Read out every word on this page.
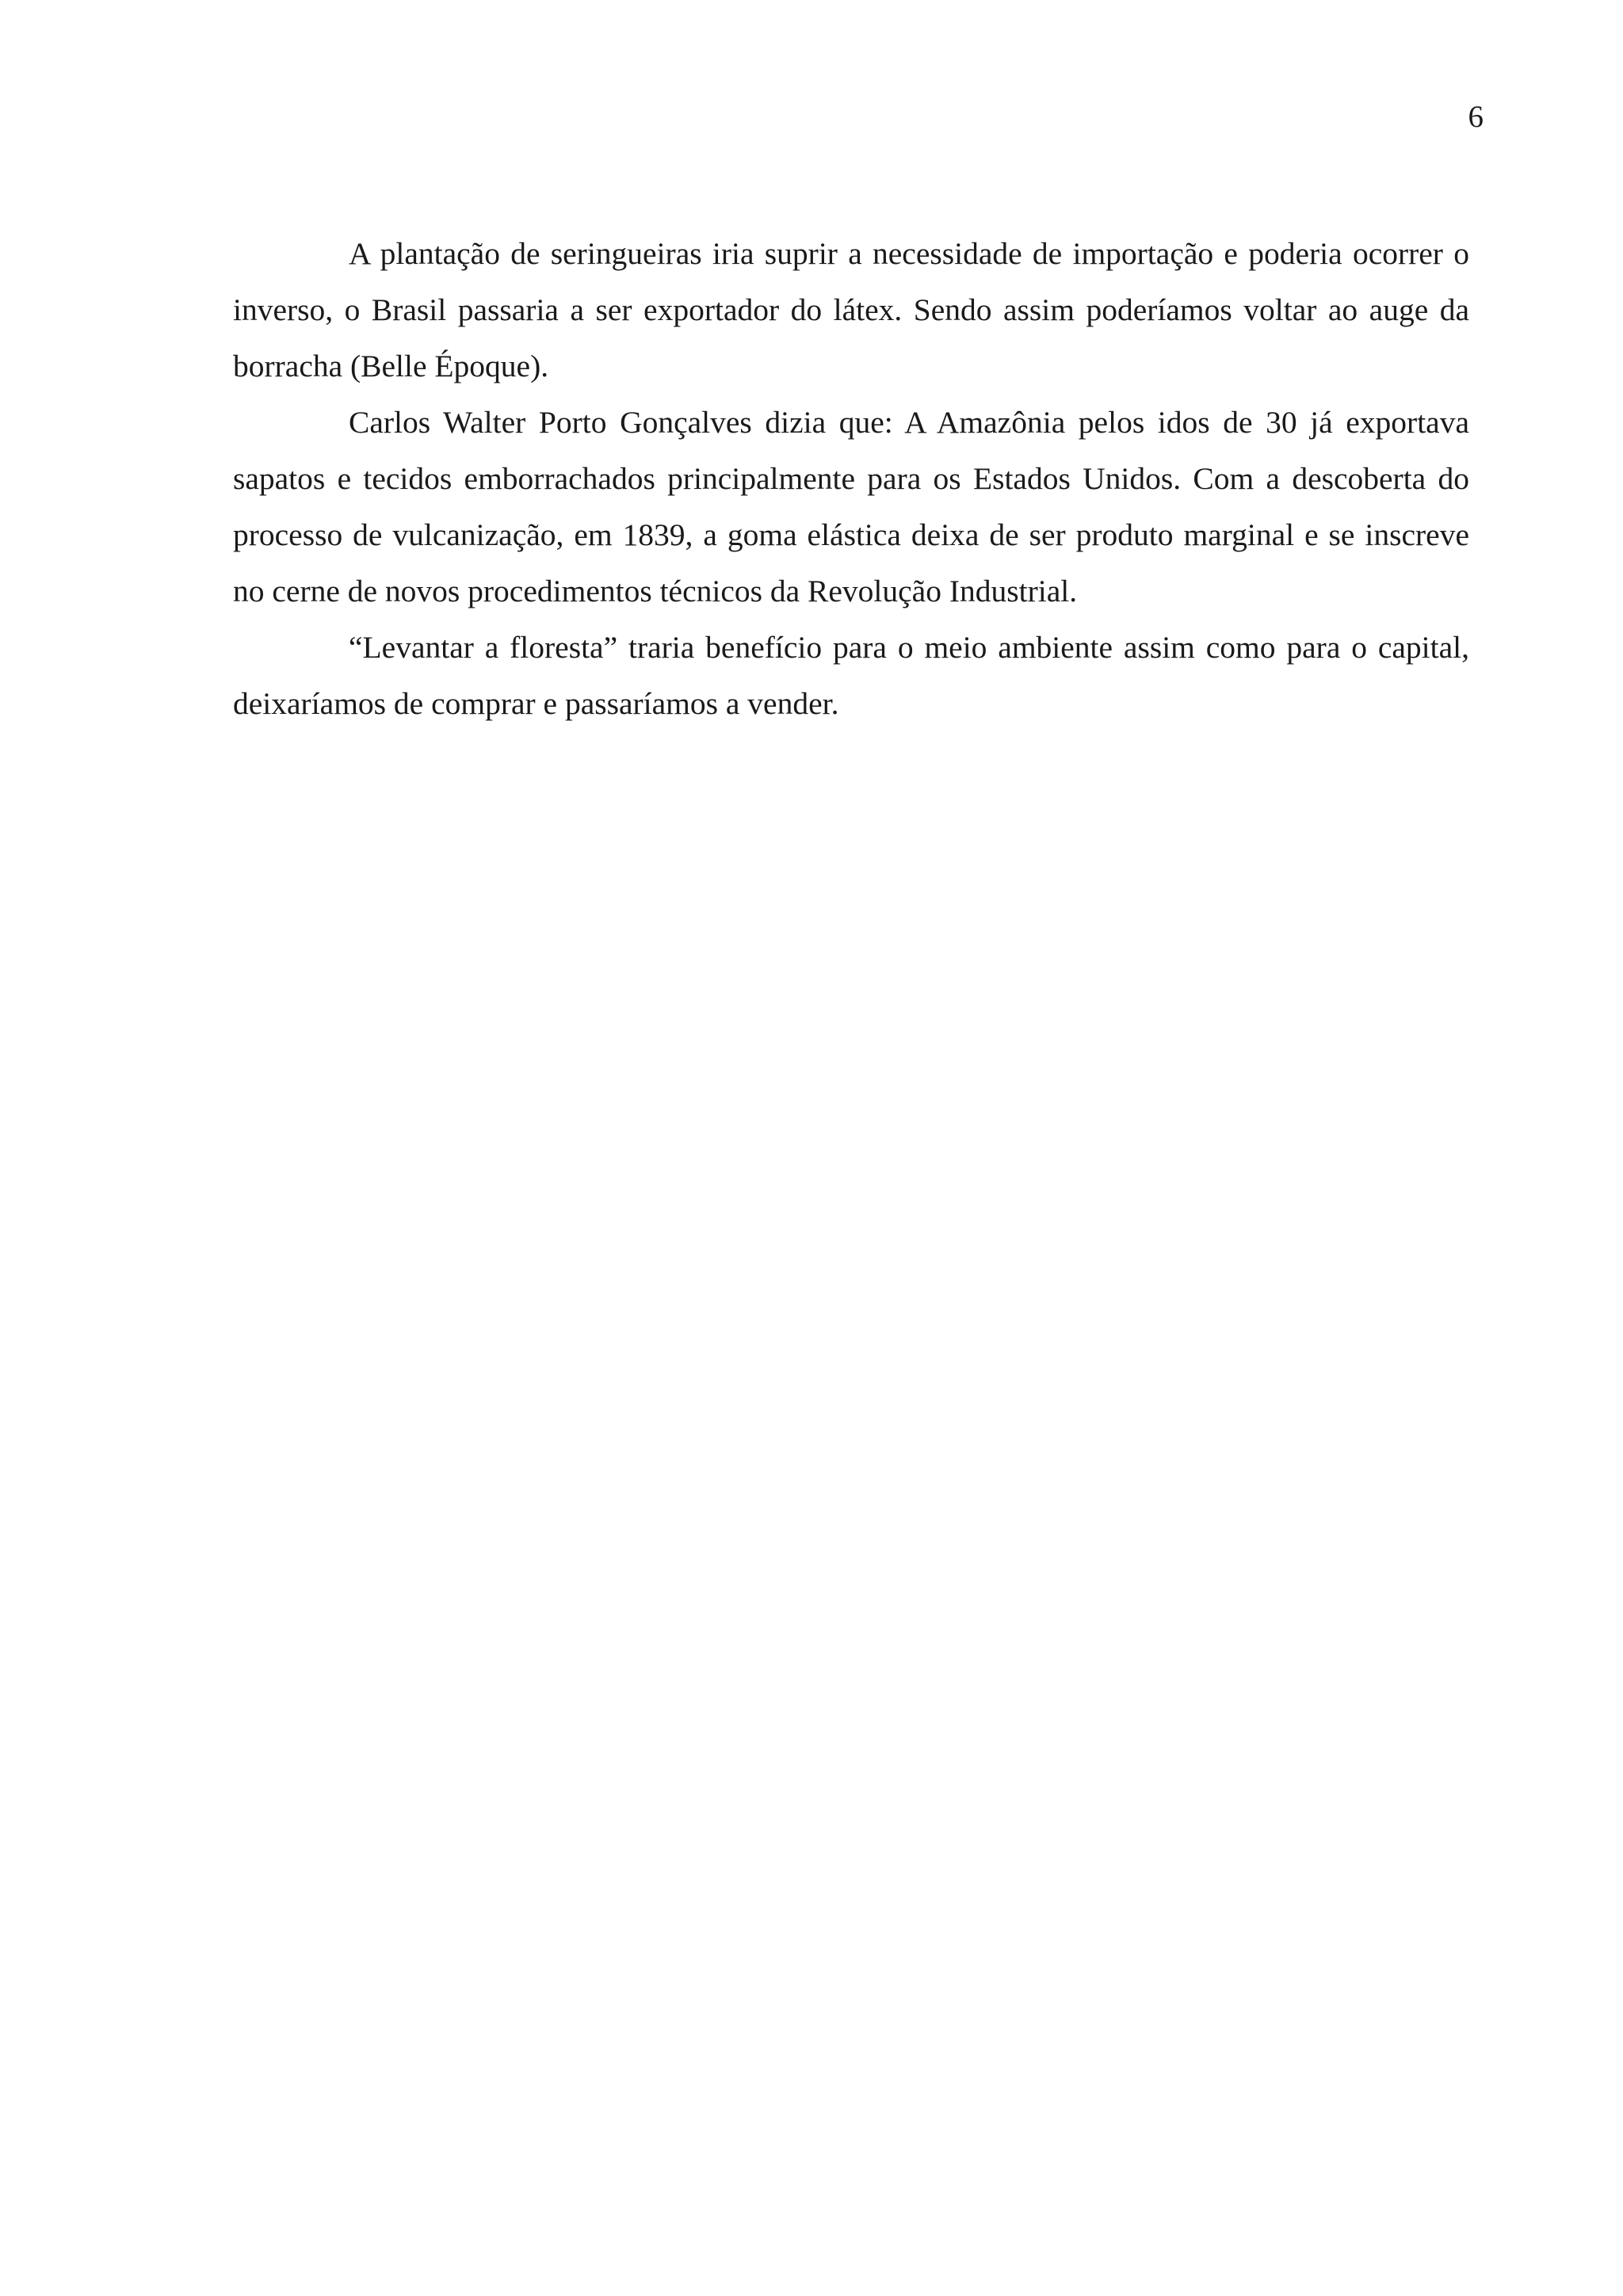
6

A plantação de seringueiras iria suprir a necessidade de importação e poderia ocorrer o inverso, o Brasil passaria a ser exportador do látex. Sendo assim poderíamos voltar ao auge da borracha (Belle Époque).

Carlos Walter Porto Gonçalves dizia que: A Amazônia pelos idos de 30 já exportava sapatos e tecidos emborrachados principalmente para os Estados Unidos. Com a descoberta do processo de vulcanização, em 1839, a goma elástica deixa de ser produto marginal e se inscreve no cerne de novos procedimentos técnicos da Revolução Industrial.

“Levantar a floresta” traria benefício para o meio ambiente assim como para o capital, deixaríamos de comprar e passaríamos a vender.
